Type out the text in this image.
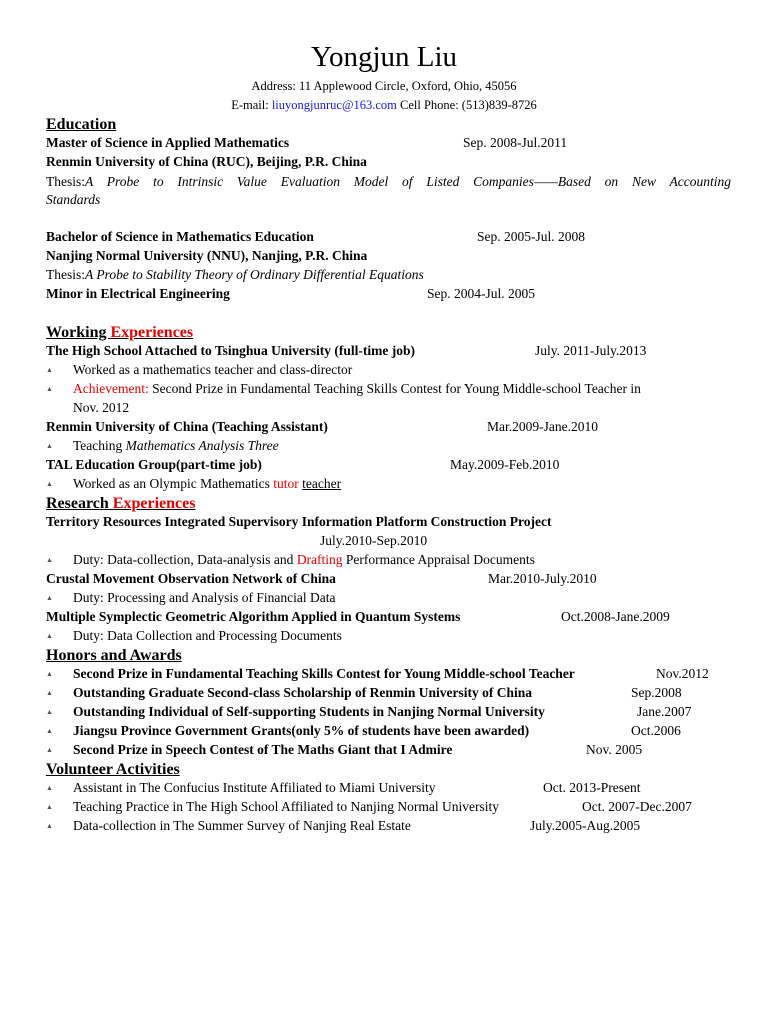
Yongjun Liu
Address: 11 Applewood Circle, Oxford, Ohio, 45056
E-mail: liuyongjunruc@163.com Cell Phone: (513)839-8726
Education
Master of Science in Applied Mathematics	Sep. 2008-Jul.2011
Renmin University of China (RUC), Beijing, P.R. China
Thesis:A Probe to Intrinsic Value Evaluation Model of Listed Companies——Based on New Accounting
Standards
Bachelor of Science in Mathematics Education	Sep. 2005-Jul. 2008
Nanjing Normal University (NNU), Nanjing, P.R. China
Thesis:A Probe to Stability Theory of Ordinary Differential Equations
Minor in Electrical Engineering	Sep. 2004-Jul. 2005
Working Experiences
The High School Attached to Tsinghua University (full-time job)	July. 2011-July.2013
▲ Worked as a mathematics teacher and class-director
▲ Achievement: Second Prize in Fundamental Teaching Skills Contest for Young Middle-school Teacher in
Nov. 2012
Renmin University of China (Teaching Assistant)	Mar.2009-Jane.2010
▲ Teaching Mathematics Analysis Three
TAL Education Group(part-time job)	May.2009-Feb.2010
▲ Worked as an Olympic Mathematics tutor teacher
Research Experiences
Territory Resources Integrated Supervisory Information Platform Construction Project
July.2010-Sep.2010
▲ Duty: Data-collection, Data-analysis and Drafting Performance Appraisal Documents
Crustal Movement Observation Network of China	Mar.2010-July.2010
▲ Duty: Processing and Analysis of Financial Data
Multiple Symplectic Geometric Algorithm Applied in Quantum Systems	Oct.2008-Jane.2009
▲ Duty: Data Collection and Processing Documents
Honors and Awards
▲ Second Prize in Fundamental Teaching Skills Contest for Young Middle-school Teacher	Nov.2012
▲ Outstanding Graduate Second-class Scholarship of Renmin University of China	Sep.2008
▲ Outstanding Individual of Self-supporting Students in Nanjing Normal University	Jane.2007
▲ Jiangsu Province Government Grants(only 5% of students have been awarded)	Oct.2006
▲ Second Prize in Speech Contest of The Maths Giant that I Admire	Nov. 2005
Volunteer Activities
▲ Assistant in The Confucius Institute Affiliated to Miami University	Oct. 2013-Present
▲ Teaching Practice in The High School Affiliated to Nanjing Normal University	Oct. 2007-Dec.2007
▲ Data-collection in The Summer Survey of Nanjing Real Estate	July.2005-Aug.2005
